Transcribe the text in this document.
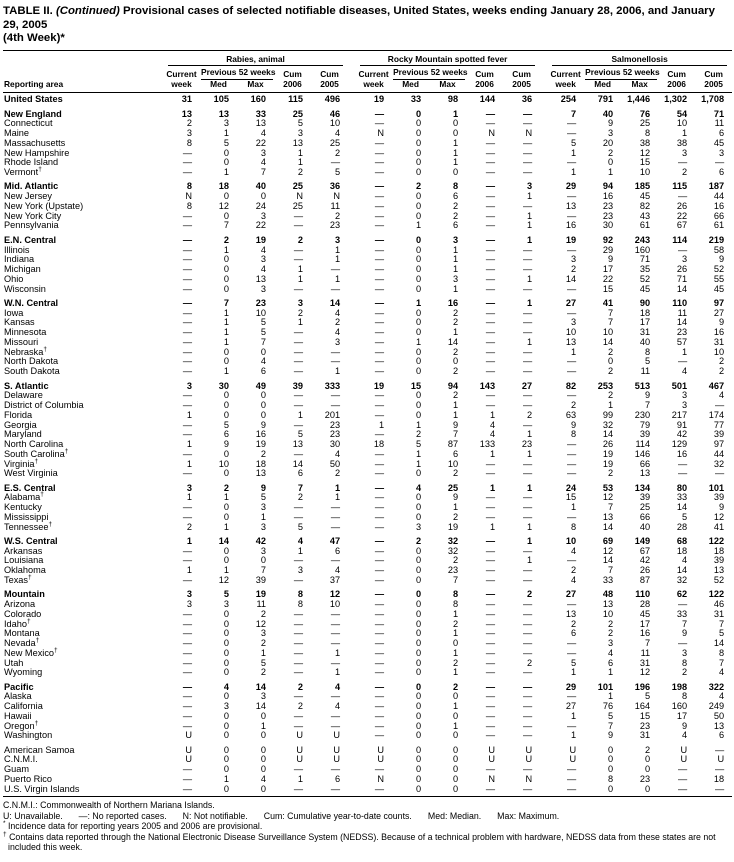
TABLE II. (Continued) Provisional cases of selected notifiable diseases, United States, weeks ending January 28, 2006, and January 29, 2005
(4th Week)*

	Rabies, animal						Rocky Mountain spotted fever						Salmonellosis				

	Current	Previous 52 weeks		Cum	Cum		Current	Previous 52 weeks		Cum	Cum		Current	Previous 52 weeks		Cum	Cum
Reporting area	week	Med	Max	2006	2005		week	Med	Max	2006	2005		week	Med	Max	2006	2005
United States	31	105	160	115	496		19	33	98	144	36		254	791	1,446	1,302	1,708
New England	13	13	33	25	46		—	0	1	—	—		7	40	76	54	71
Connecticut	2	3	13	5	10		—	0	0	—	—		—	9	25	10	11
Maine	3	1	4	3	4		N	0	0	N	N		—	3	8	1	6
Massachusetts	8	5	22	13	25		—	0	1	—	—		5	20	38	38	45
New Hampshire	—	0	3	1	2		—	0	1	—	—		1	2	12	3	3
Rhode Island	—	0	4	1	—		—	0	1	—	—		—	0	15	—	—
Vermont†	—	1	7	2	5		—	0	0	—	—		1	1	10	2	6
Mid. Atlantic	8	18	40	25	36		—	2	8	—	3		29	94	185	115	187
New Jersey	N	0	0	N	N		—	0	6	—	1		—	16	45	—	44
New York (Upstate)	8	12	24	25	11		—	0	2	—	—		13	23	82	26	16
New York City	—	0	3	—	2		—	0	2	—	1		—	23	43	22	66
Pennsylvania	—	7	22	—	23		—	1	6	—	1		16	30	61	67	61
E.N. Central	—	2	19	2	3		—	0	3	—	1		19	92	243	114	219
Illinois	—	1	4	—	1		—	0	1	—	—		—	29	160	—	58
Indiana	—	0	3	—	1		—	0	1	—	—		3	9	71	3	9
Michigan	—	0	4	1	—		—	0	1	—	—		2	17	35	26	52
Ohio	—	0	13	1	1		—	0	3	—	1		14	22	52	71	55
Wisconsin	—	0	3	—	—		—	0	1	—	—		—	15	45	14	45
W.N. Central	—	7	23	3	14		—	1	16	—	1		27	41	90	110	97
Iowa	—	1	10	2	4		—	0	2	—	—		—	7	18	11	27
Kansas	—	1	5	1	2		—	0	2	—	—		3	7	17	14	9
Minnesota	—	1	5	—	4		—	0	1	—	—		10	10	31	23	16
Missouri	—	1	7	—	3		—	1	14	—	1		13	14	40	57	31
Nebraska†	—	0	0	—	—		—	0	2	—	—		1	2	8	1	10
North Dakota	—	0	4	—	—		—	0	0	—	—		—	0	5	—	2
South Dakota	—	1	6	—	1		—	0	2	—	—		—	2	11	4	2
S. Atlantic	3	30	49	39	333		19	15	94	143	27		82	253	513	501	467
Delaware	—	0	0	—	—		—	0	2	—	—		—	2	9	3	4
District of Columbia	—	0	0	—	—		—	0	1	—	—		2	1	7	3	—
Florida	1	0	0	1	201		—	0	1	1	2		63	99	230	217	174
Georgia	—	5	9	—	23		1	1	9	4	—		9	32	79	91	77
Maryland	—	6	16	5	23		—	2	7	4	1		8	14	39	42	39
North Carolina	1	9	19	13	30		18	5	87	133	23		—	26	114	129	97
South Carolina†	—	0	2	—	4		—	1	6	1	1		—	19	146	16	44
Virginia†	1	10	18	14	50		—	1	10	—	—		—	19	66	—	32
West Virginia	—	0	13	6	2		—	0	2	—	—		—	2	13	—	—
E.S. Central	3	2	9	7	1		—	4	25	1	1		24	53	134	80	101
Alabama†	1	1	5	2	1		—	0	9	—	—		15	12	39	33	39
Kentucky	—	0	3	—	—		—	0	1	—	—		1	7	25	14	9
Mississippi	—	0	1	—	—		—	0	2	—	—		—	13	66	5	12
Tennessee†	2	1	3	5	—		—	3	19	1	1		8	14	40	28	41
W.S. Central	1	14	42	4	47		—	2	32	—	1		10	69	149	68	122
Arkansas	—	0	3	1	6		—	0	32	—	—		4	12	67	18	18
Louisiana	—	0	0	—	—		—	0	2	—	1		—	14	42	4	39
Oklahoma	1	1	7	3	4		—	0	23	—	—		2	7	26	14	13
Texas†	—	12	39	—	37		—	0	7	—	—		4	33	87	32	52
Mountain	3	5	19	8	12		—	0	8	—	2		27	48	110	62	122
Arizona	3	3	11	8	10		—	0	8	—	—		—	13	28	—	46
Colorado	—	0	2	—	—		—	0	1	—	—		13	10	45	33	31
Idaho†	—	0	12	—	—		—	0	2	—	—		2	2	17	7	7
Montana	—	0	3	—	—		—	0	1	—	—		6	2	16	9	5
Nevada†	—	0	2	—	—		—	0	0	—	—		—	3	7	—	14
New Mexico†	—	0	1	—	1		—	0	1	—	—		—	4	11	3	8
Utah	—	0	5	—	—		—	0	2	—	2		5	6	31	8	7
Wyoming	—	0	2	—	1		—	0	1	—	—		1	1	12	2	4
Pacific	—	4	14	2	4		—	0	2	—	—		29	101	196	198	322
Alaska	—	0	3	—	—		—	0	0	—	—		—	1	5	8	4
California	—	3	14	2	4		—	0	1	—	—		27	76	164	160	249
Hawaii	—	0	0	—	—		—	0	0	—	—		1	5	15	17	50
Oregon†	—	0	1	—	—		—	0	1	—	—		—	7	23	9	13
Washington	U	0	0	U	U		—	0	0	—	—		1	9	31	4	6
American Samoa	U	0	0	U	U		U	0	0	U	U		U	0	2	U	—
C.N.M.I.	U	0	0	U	U		U	0	0	U	U		U	0	0	U	U
Guam	—	0	0	—	—		—	0	0	—	—		—	0	0	—	—
Puerto Rico	—	1	4	1	6		N	0	0	N	N		—	8	23	—	18
U.S. Virgin Islands	—	0	0	—	—		—	0	0	—	—		—	0	0	—	—
C.N.M.I.: Commonwealth of Northern Mariana Islands.
U: Unavailable. —: No reported cases. N: Not notifiable. Cum: Cumulative year-to-date counts. Med: Median. Max: Maximum.
* Incidence data for reporting years 2005 and 2006 are provisional.
† Contains data reported through the National Electronic Disease Surveillance System (NEDSS). Because of a technical problem with hardware, NEDSS data from these states are not included this week.
